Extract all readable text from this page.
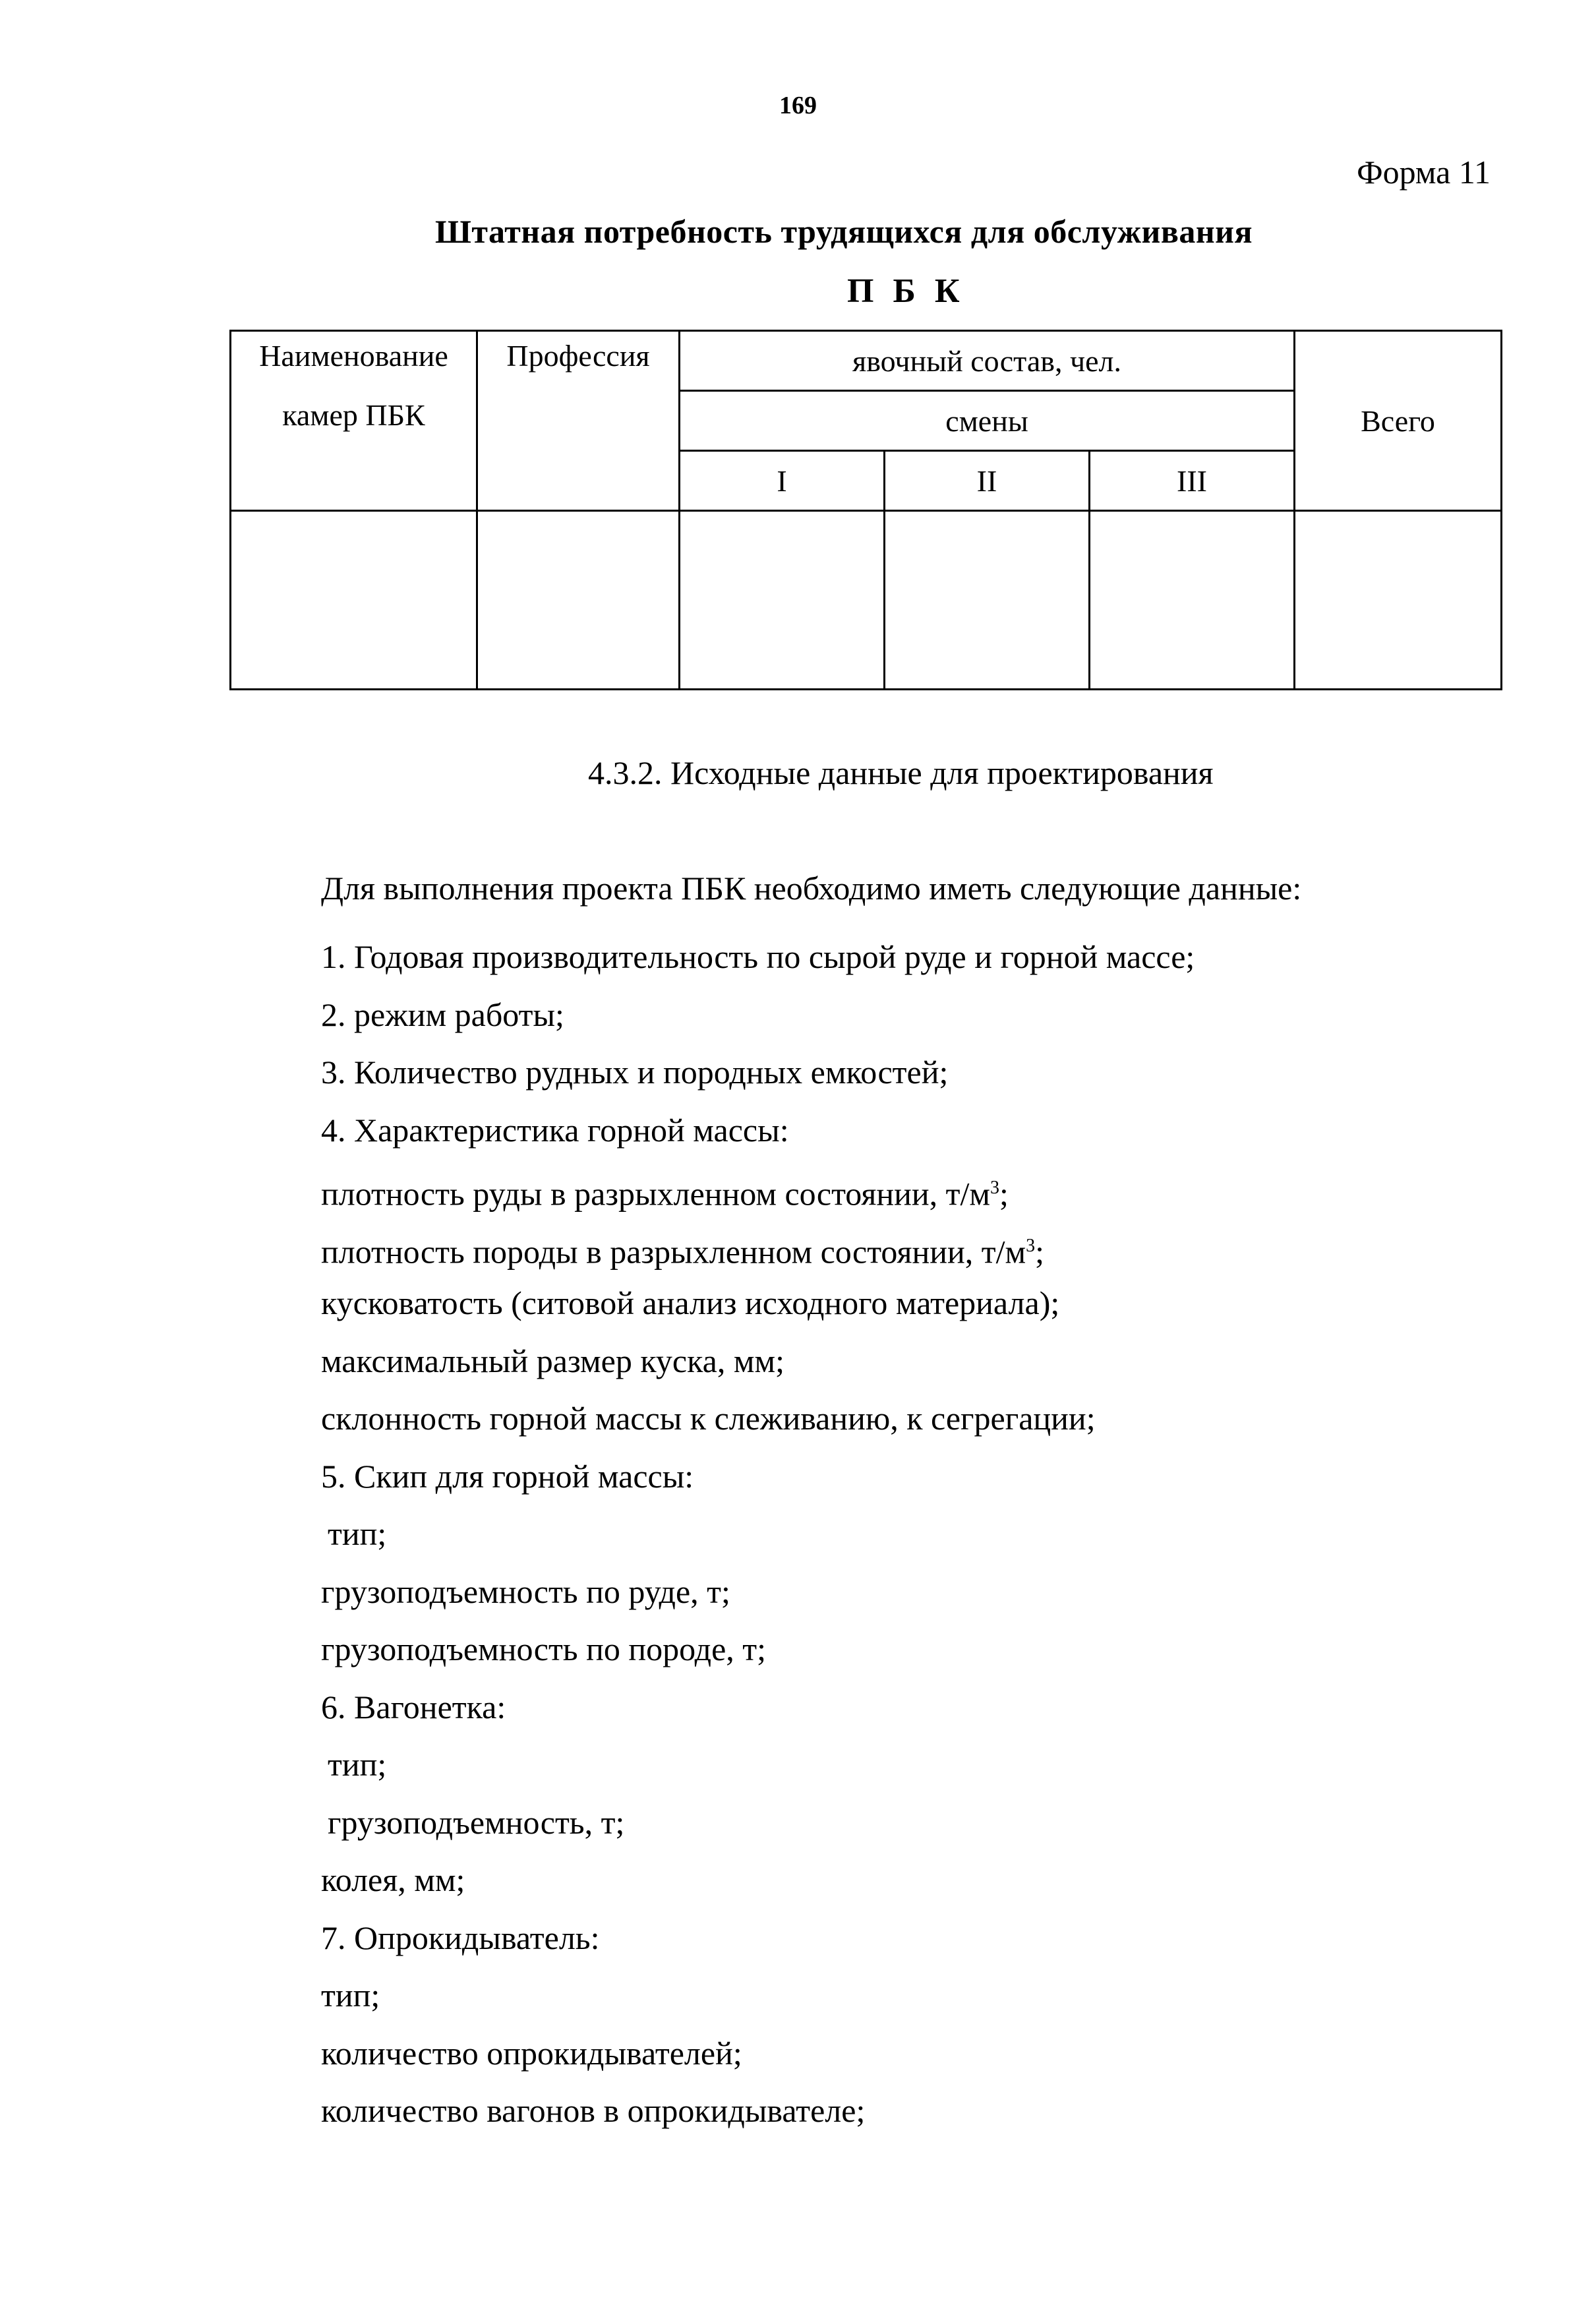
169
Форма 11
Штатная потребность трудящихся для обслуживания
П Б К
Наименование
камер ПБК	Профессия	явочный состав, чел.			Всего
		смены			
		I	II	III	

4.3.2. Исходные данные для проектирования
Для выполнения проекта ПБК необходимо иметь следующие данные:
1. Годовая производительность по сырой руде и горной массе;
2. режим работы;
3. Количество рудных и породных емкостей;
4. Характеристика горной массы:
плотность руды в разрыхленном состоянии, $т/м^3$;
плотность породы в разрыхленном состоянии, $т/м^3$;
кусковатость (ситовой анализ исходного материала);
максимальный размер куска, мм;
склонность горной массы к слеживанию, к сегрегации;
5. Скип для горной массы:
тип;
грузоподъемность по руде, т;
грузоподъемность по породе, т;
6. Вагонетка:
тип;
грузоподъемность, т;
колея, мм;
7. Опрокидыватель:
тип;
количество опрокидывателей;
количество вагонов в опрокидывателе;
